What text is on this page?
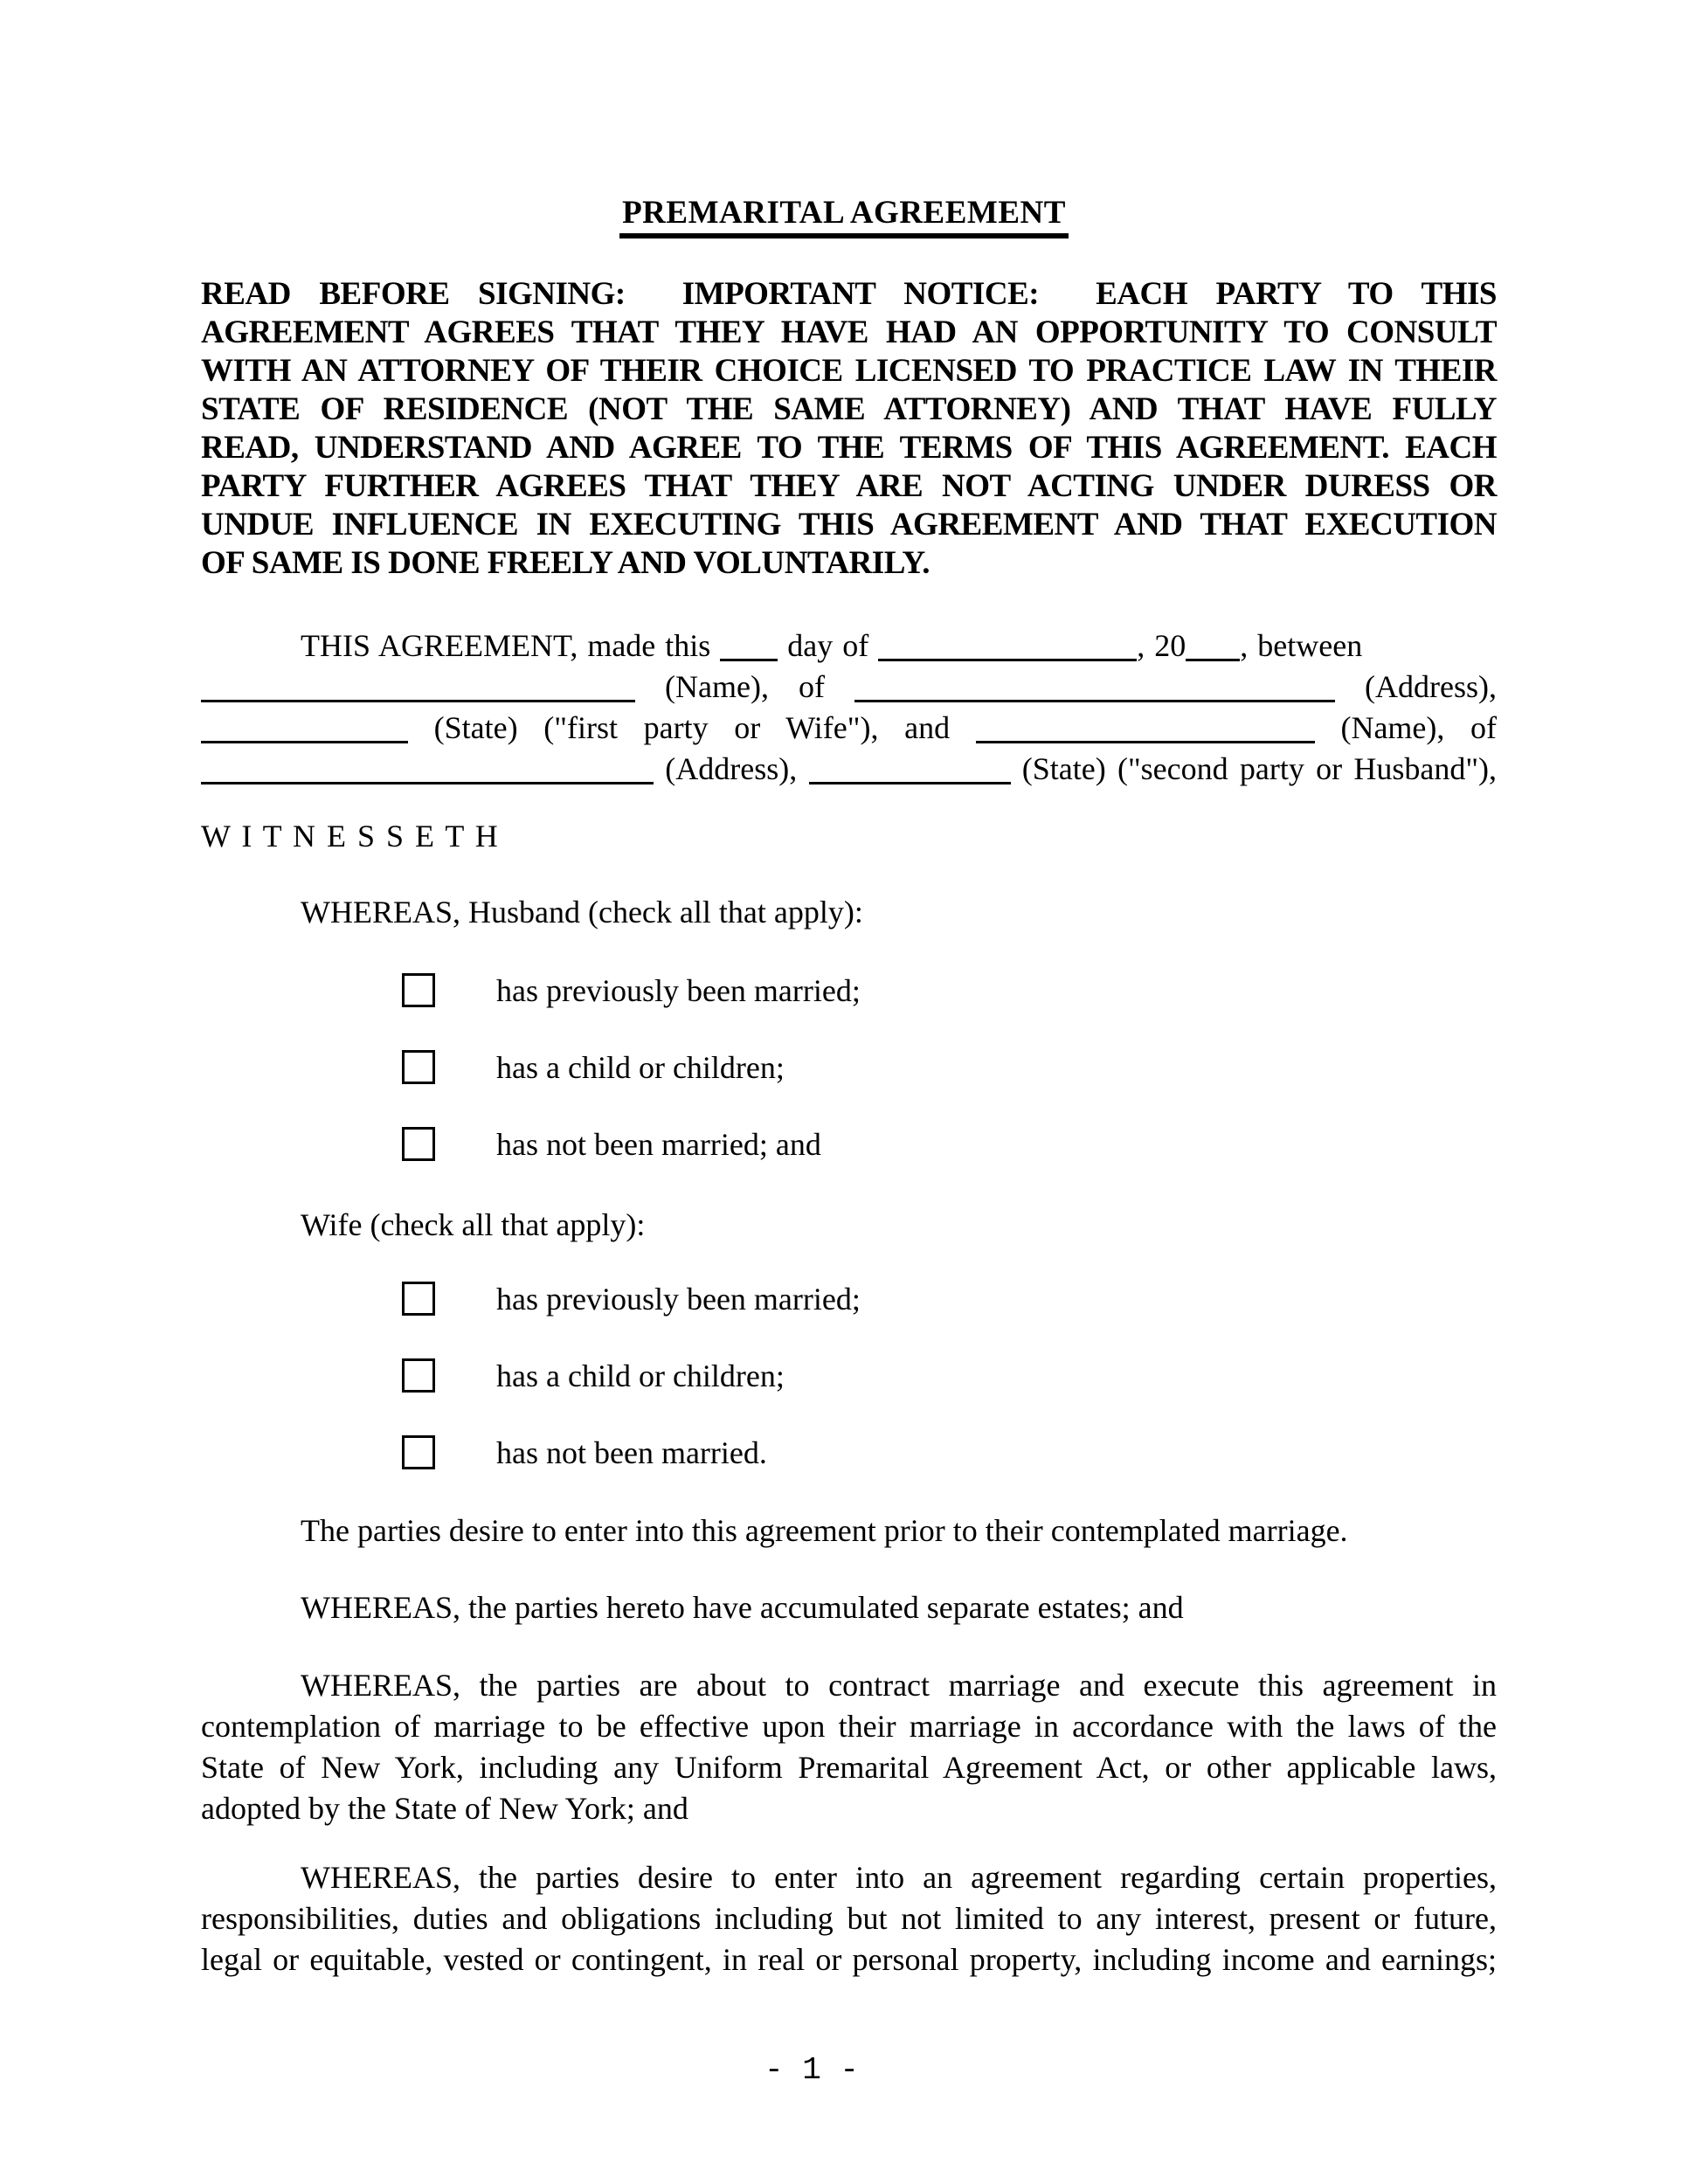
PREMARITAL AGREEMENT
READ BEFORE SIGNING:  IMPORTANT NOTICE:  EACH PARTY TO THIS
AGREEMENT AGREES THAT THEY HAVE HAD AN OPPORTUNITY TO CONSULT
WITH AN ATTORNEY OF THEIR CHOICE LICENSED TO PRACTICE LAW IN THEIR
STATE OF RESIDENCE (NOT THE SAME ATTORNEY) AND THAT HAVE FULLY
READ, UNDERSTAND AND AGREE TO THE TERMS OF THIS AGREEMENT. EACH
PARTY FURTHER AGREES THAT THEY ARE NOT ACTING UNDER DURESS OR
UNDUE INFLUENCE IN EXECUTING THIS AGREEMENT AND THAT EXECUTION
OF SAME IS DONE FREELY AND VOLUNTARILY.
THIS AGREEMENT, made this day of	, 20 , between
(Name), of	(Address),
(State) ("first party or Wife"), and	(Name), of
(Address),	(State) ("second party or Husband"),
W I T N E S S E T H
WHEREAS, Husband (check all that apply):
has previously been married;
has a child or children;
has not been married; and
Wife (check all that apply):
has previously been married;
has a child or children;
has not been married.
The parties desire to enter into this agreement prior to their contemplated marriage.
WHEREAS, the parties hereto have accumulated separate estates; and
WHEREAS, the parties are about to contract marriage and execute this agreement in
contemplation of marriage to be effective upon their marriage in accordance with the laws of the
State of New York, including any Uniform Premarital Agreement Act, or other applicable laws,
adopted by the State of New York; and
WHEREAS, the parties desire to enter into an agreement regarding certain properties,
responsibilities, duties and obligations including but not limited to any interest, present or future,
legal or equitable, vested or contingent, in real or personal property, including income and earnings;
- 1 -
